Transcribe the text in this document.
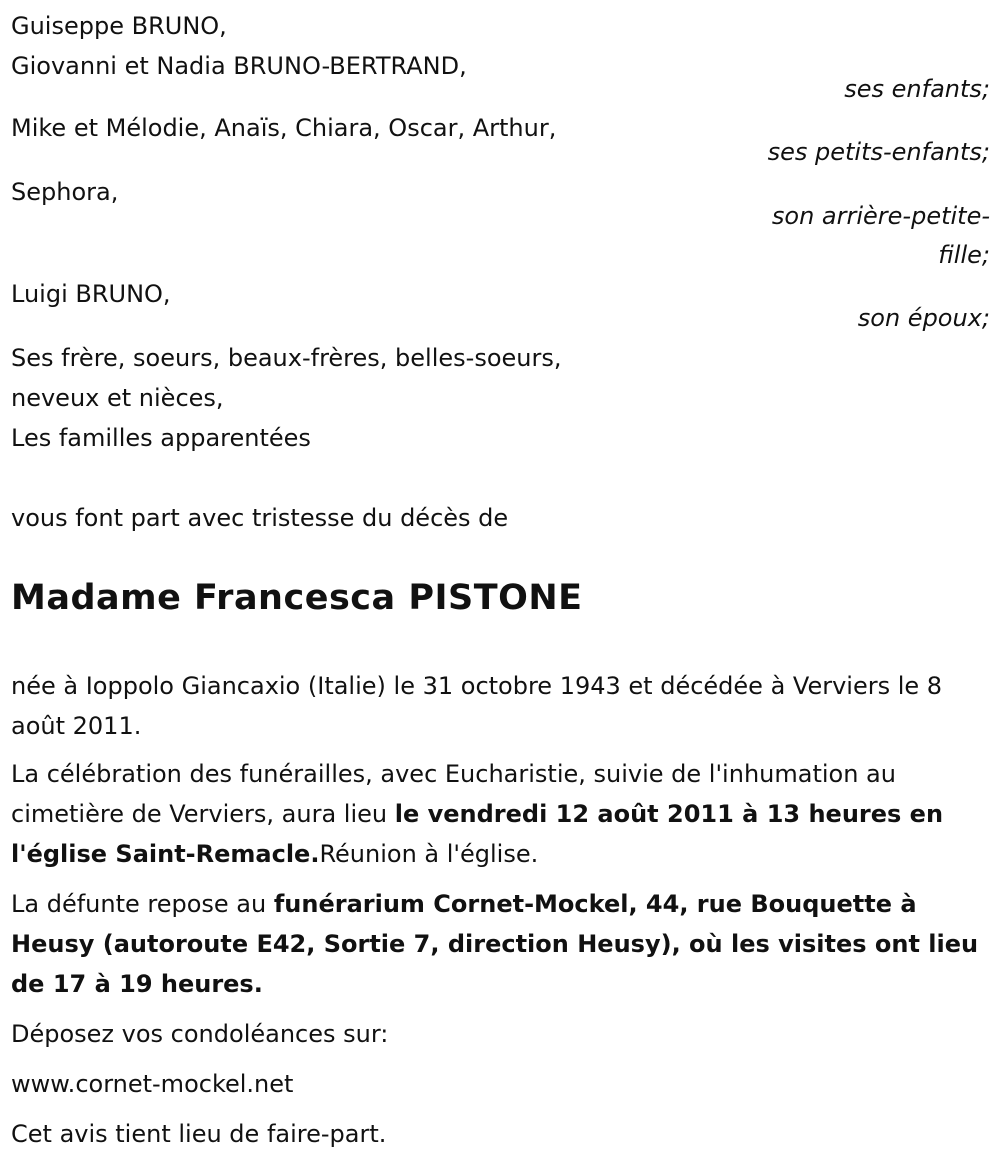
Guiseppe BRUNO,
Giovanni et Nadia BRUNO-BERTRAND,
ses enfants;
Mike et Mélodie, Anaïs, Chiara, Oscar, Arthur,
ses petits-enfants;
Sephora,
son arrière-petite-
fille;
Luigi BRUNO,
son époux;
Ses frère, soeurs, beaux-frères, belles-soeurs,
neveux et nièces,
Les familles apparentées
vous font part avec tristesse du décès de
Madame Francesca PISTONE
née à Ioppolo Giancaxio (Italie) le 31 octobre 1943 et décédée à Verviers le 8 août 2011.
La célébration des funérailles, avec Eucharistie, suivie de l'inhumation au cimetière de Verviers, aura lieu le vendredi 12 août 2011 à 13 heures en l'église Saint-Remacle.Réunion à l'église.
La défunte repose au funérarium Cornet-Mockel, 44, rue Bouquette à Heusy (autoroute E42, Sortie 7, direction Heusy), où les visites ont lieu de 17 à 19 heures.
Déposez vos condoléances sur:
www.cornet-mockel.net
Cet avis tient lieu de faire-part.
